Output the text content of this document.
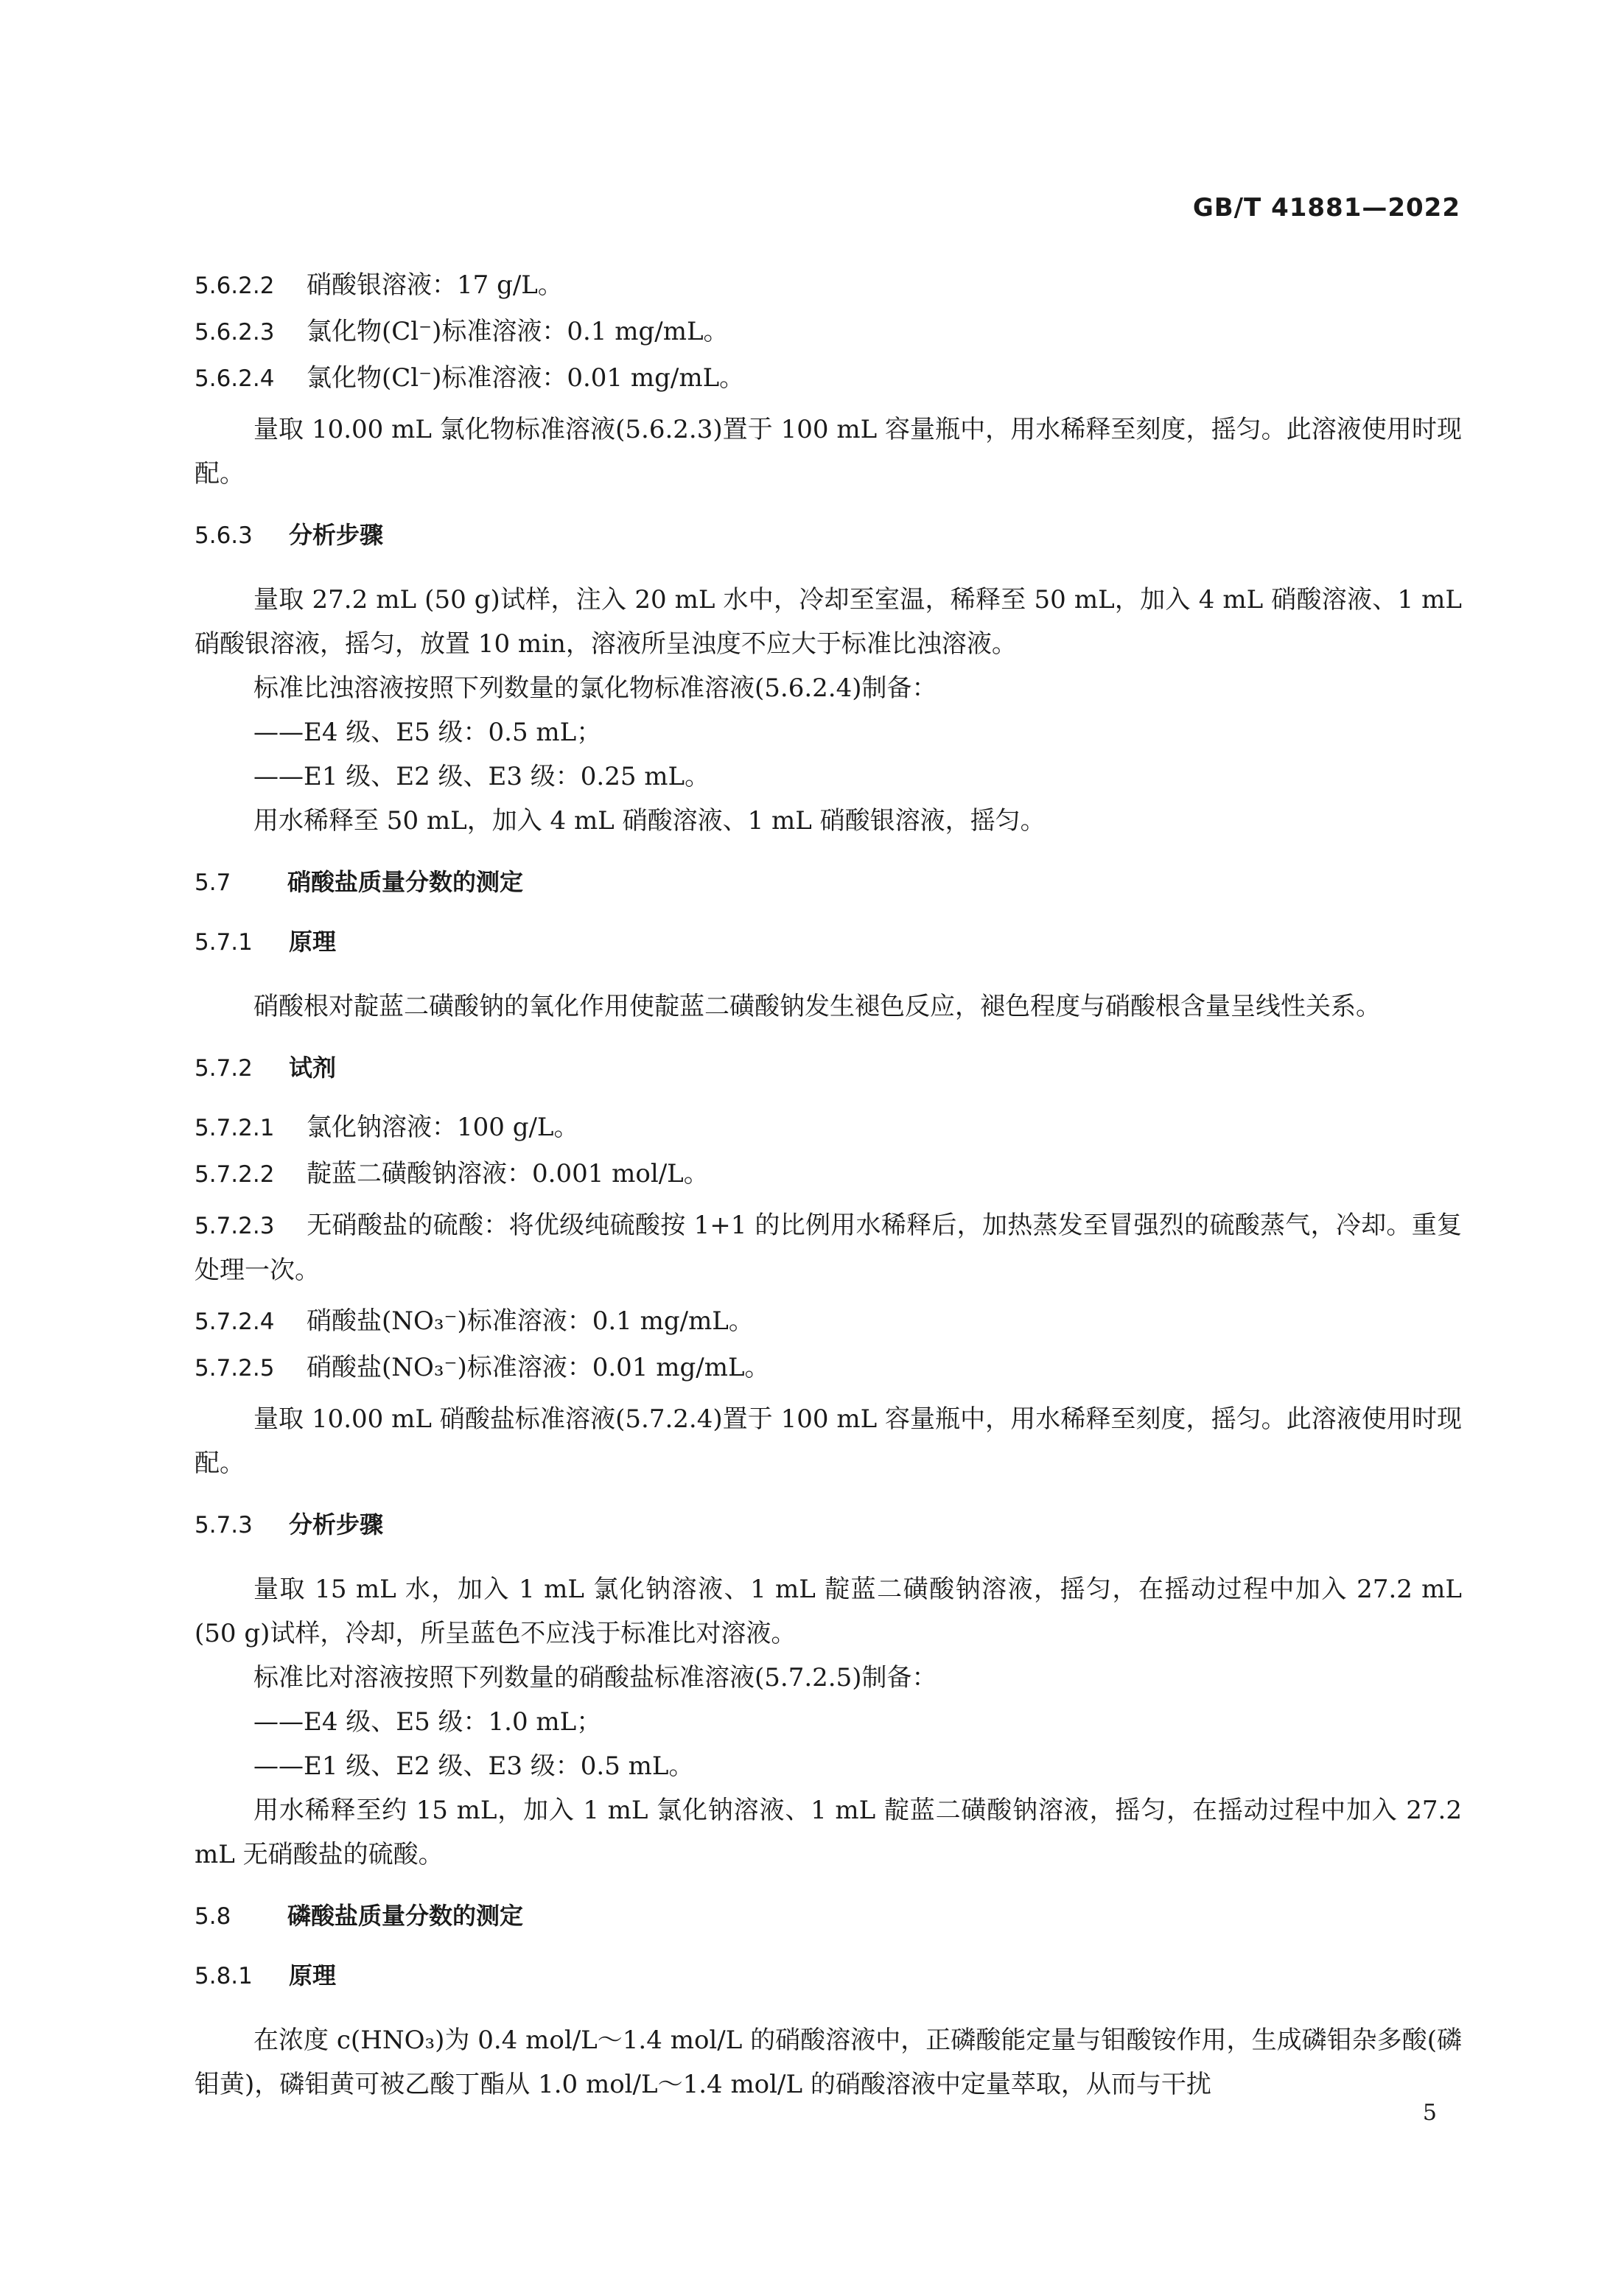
GB/T 41881—2022

5.6.2.2 硝酸银溶液：17 g/L。

5.6.2.3 氯化物(Cl⁻)标准溶液：0.1 mg/mL。

5.6.2.4 氯化物(Cl⁻)标准溶液：0.01 mg/mL。

量取 10.00 mL 氯化物标准溶液(5.6.2.3)置于 100 mL 容量瓶中，用水稀释至刻度，摇匀。此溶液使用时现配。

5.6.3 分析步骤

量取 27.2 mL (50 g)试样，注入 20 mL 水中，冷却至室温，稀释至 50 mL，加入 4 mL 硝酸溶液、1 mL 硝酸银溶液，摇匀，放置 10 min，溶液所呈浊度不应大于标准比浊溶液。

标准比浊溶液按照下列数量的氯化物标准溶液(5.6.2.4)制备：

——E4 级、E5 级：0.5 mL；

——E1 级、E2 级、E3 级：0.25 mL。

用水稀释至 50 mL，加入 4 mL 硝酸溶液、1 mL 硝酸银溶液，摇匀。

5.7 硝酸盐质量分数的测定

5.7.1 原理

硝酸根对靛蓝二磺酸钠的氧化作用使靛蓝二磺酸钠发生褪色反应，褪色程度与硝酸根含量呈线性关系。

5.7.2 试剂

5.7.2.1 氯化钠溶液：100 g/L。

5.7.2.2 靛蓝二磺酸钠溶液：0.001 mol/L。

5.7.2.3 无硝酸盐的硫酸：将优级纯硫酸按 1+1 的比例用水稀释后，加热蒸发至冒强烈的硫酸蒸气，冷却。重复处理一次。

5.7.2.4 硝酸盐(NO₃⁻)标准溶液：0.1 mg/mL。

5.7.2.5 硝酸盐(NO₃⁻)标准溶液：0.01 mg/mL。

量取 10.00 mL 硝酸盐标准溶液(5.7.2.4)置于 100 mL 容量瓶中，用水稀释至刻度，摇匀。此溶液使用时现配。

5.7.3 分析步骤

量取 15 mL 水，加入 1 mL 氯化钠溶液、1 mL 靛蓝二磺酸钠溶液，摇匀，在摇动过程中加入 27.2 mL (50 g)试样，冷却，所呈蓝色不应浅于标准比对溶液。

标准比对溶液按照下列数量的硝酸盐标准溶液(5.7.2.5)制备：

——E4 级、E5 级：1.0 mL；

——E1 级、E2 级、E3 级：0.5 mL。

用水稀释至约 15 mL，加入 1 mL 氯化钠溶液、1 mL 靛蓝二磺酸钠溶液，摇匀，在摇动过程中加入 27.2 mL 无硝酸盐的硫酸。

5.8 磷酸盐质量分数的测定

5.8.1 原理

在浓度 c(HNO₃)为 0.4 mol/L～1.4 mol/L 的硝酸溶液中，正磷酸能定量与钼酸铵作用，生成磷钼杂多酸(磷钼黄)，磷钼黄可被乙酸丁酯从 1.0 mol/L～1.4 mol/L 的硝酸溶液中定量萃取，从而与干扰

5
